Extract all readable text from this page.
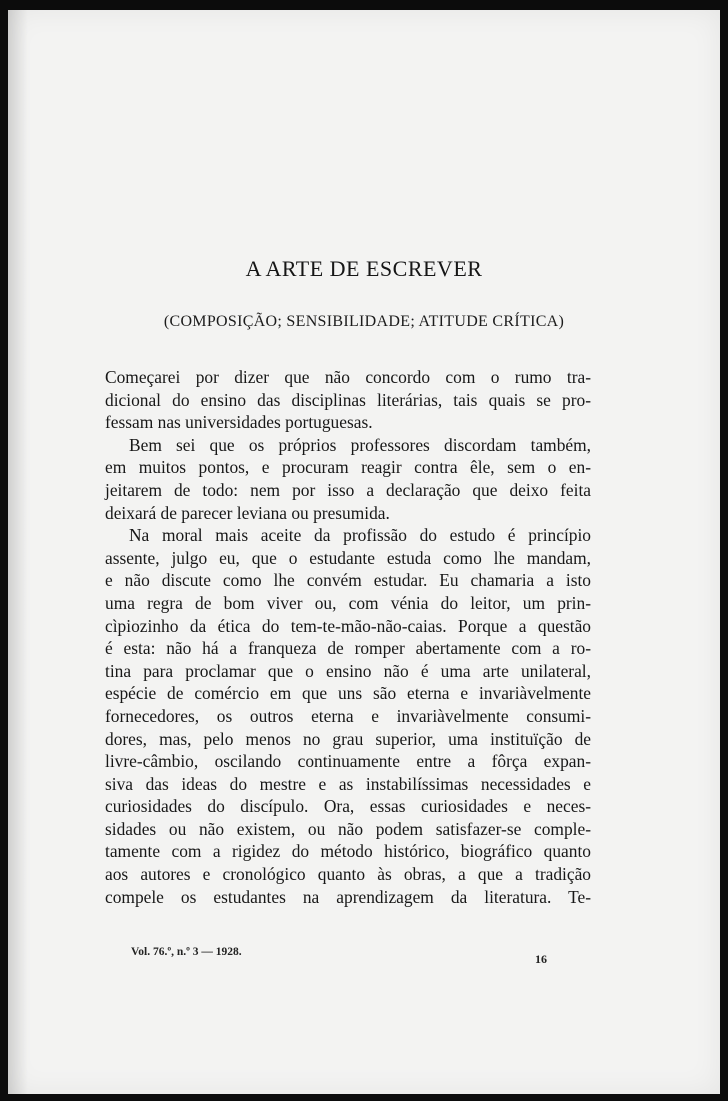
A ARTE DE ESCREVER
(COMPOSIÇÃO; SENSIBILIDADE; ATITUDE CRÍTICA)
Começarei por dizer que não concordo com o rumo tra-
dicional do ensino das disciplinas literárias, tais quais se pro-
fessam nas universidades portuguesas.
Bem sei que os próprios professores discordam também,
em muitos pontos, e procuram reagir contra êle, sem o en-
jeitarem de todo: nem por isso a declaração que deixo feita
deixará de parecer leviana ou presumida.
Na moral mais aceite da profissão do estudo é princípio
assente, julgo eu, que o estudante estuda como lhe mandam,
e não discute como lhe convém estudar. Eu chamaria a isto
uma regra de bom viver ou, com vénia do leitor, um prin-
cìpiozinho da ética do tem-te-mão-não-caias. Porque a questão
é esta: não há a franqueza de romper abertamente com a ro-
tina para proclamar que o ensino não é uma arte unilateral,
espécie de comércio em que uns são eterna e invariàvelmente
fornecedores, os outros eterna e invariàvelmente consumi-
dores, mas, pelo menos no grau superior, uma instituïção de
livre-câmbio, oscilando continuamente entre a fôrça expan-
siva das ideas do mestre e as instabilíssimas necessidades e
curiosidades do discípulo. Ora, essas curiosidades e neces-
sidades ou não existem, ou não podem satisfazer-se comple-
tamente com a rigidez do método histórico, biográfico quanto
aos autores e cronológico quanto às obras, a que a tradição
compele os estudantes na aprendizagem da literatura. Te-
Vol. 76.º, n.º 3 — 1928.	16
